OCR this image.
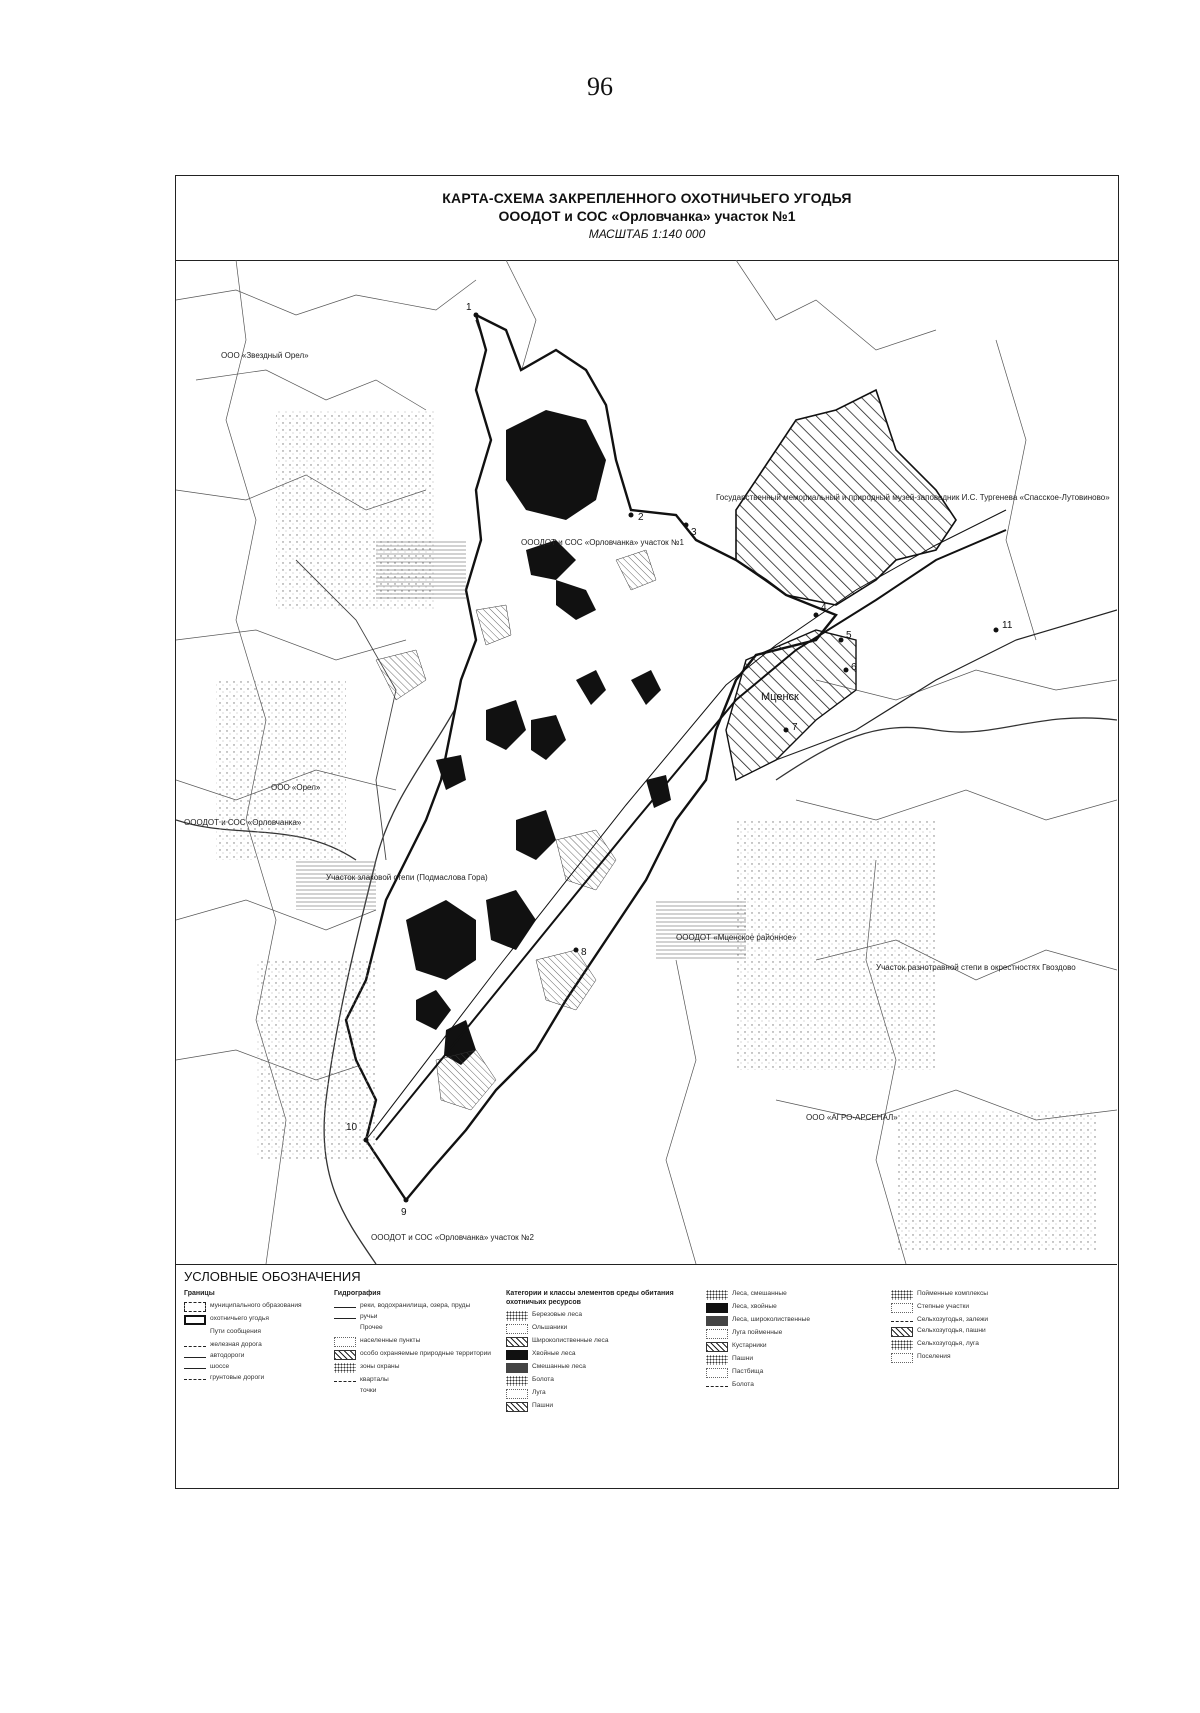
96
КАРТА-СХЕМА ЗАКРЕПЛЕННОГО ОХОТНИЧЬЕГО УГОДЬЯ
ОООДОТ и СОС «Орловчанка» участок №1
МАСШТАБ 1:140 000
1
2
3
4
5
6
7
8
9
10
11
ООО «Звездный Орел»
ОООДОТ и СОС «Орловчанка» участок №1
Государственный мемориальный и природный музей-заповедник И.С. Тургенева «Спасское-Лутовиново»
Мценск
Участок злаковой степи (Подмаслова Гора)
Участок разнотравной степи в окрестностях Гвоздово
ООО «АГРО-АРСЕНАЛ»
ОООДОТ и СОС «Орловчанка» участок №2
ОООДОТ и СОС «Орловчанка»
ООО «Орел»
ОООДОТ «Мценское районное»
УСЛОВНЫЕ ОБОЗНАЧЕНИЯ
Границы
муниципального образования
охотничьего угодья
Пути сообщения
железная дорога
автодороги
шоссе
грунтовые дороги
Гидрография
реки, водохранилища, озера, пруды
ручьи
Прочее
населенные пункты
особо охраняемые природные территории
зоны охраны
кварталы
точки
Категории и классы элементов среды обитания охотничьих ресурсов
Березовые леса
Ольшаники
Широколиственные леса
Хвойные леса
Смешанные леса
Болота
Луга
Пашни
Леса, смешанные
Леса, хвойные
Леса, широколиственные
Луга пойменные
Кустарники
Пашни
Пастбища
Болота
Пойменные комплексы
Степные участки
Сельхозугодья, залежи
Сельхозугодья, пашни
Сельхозугодья, луга
Поселения
